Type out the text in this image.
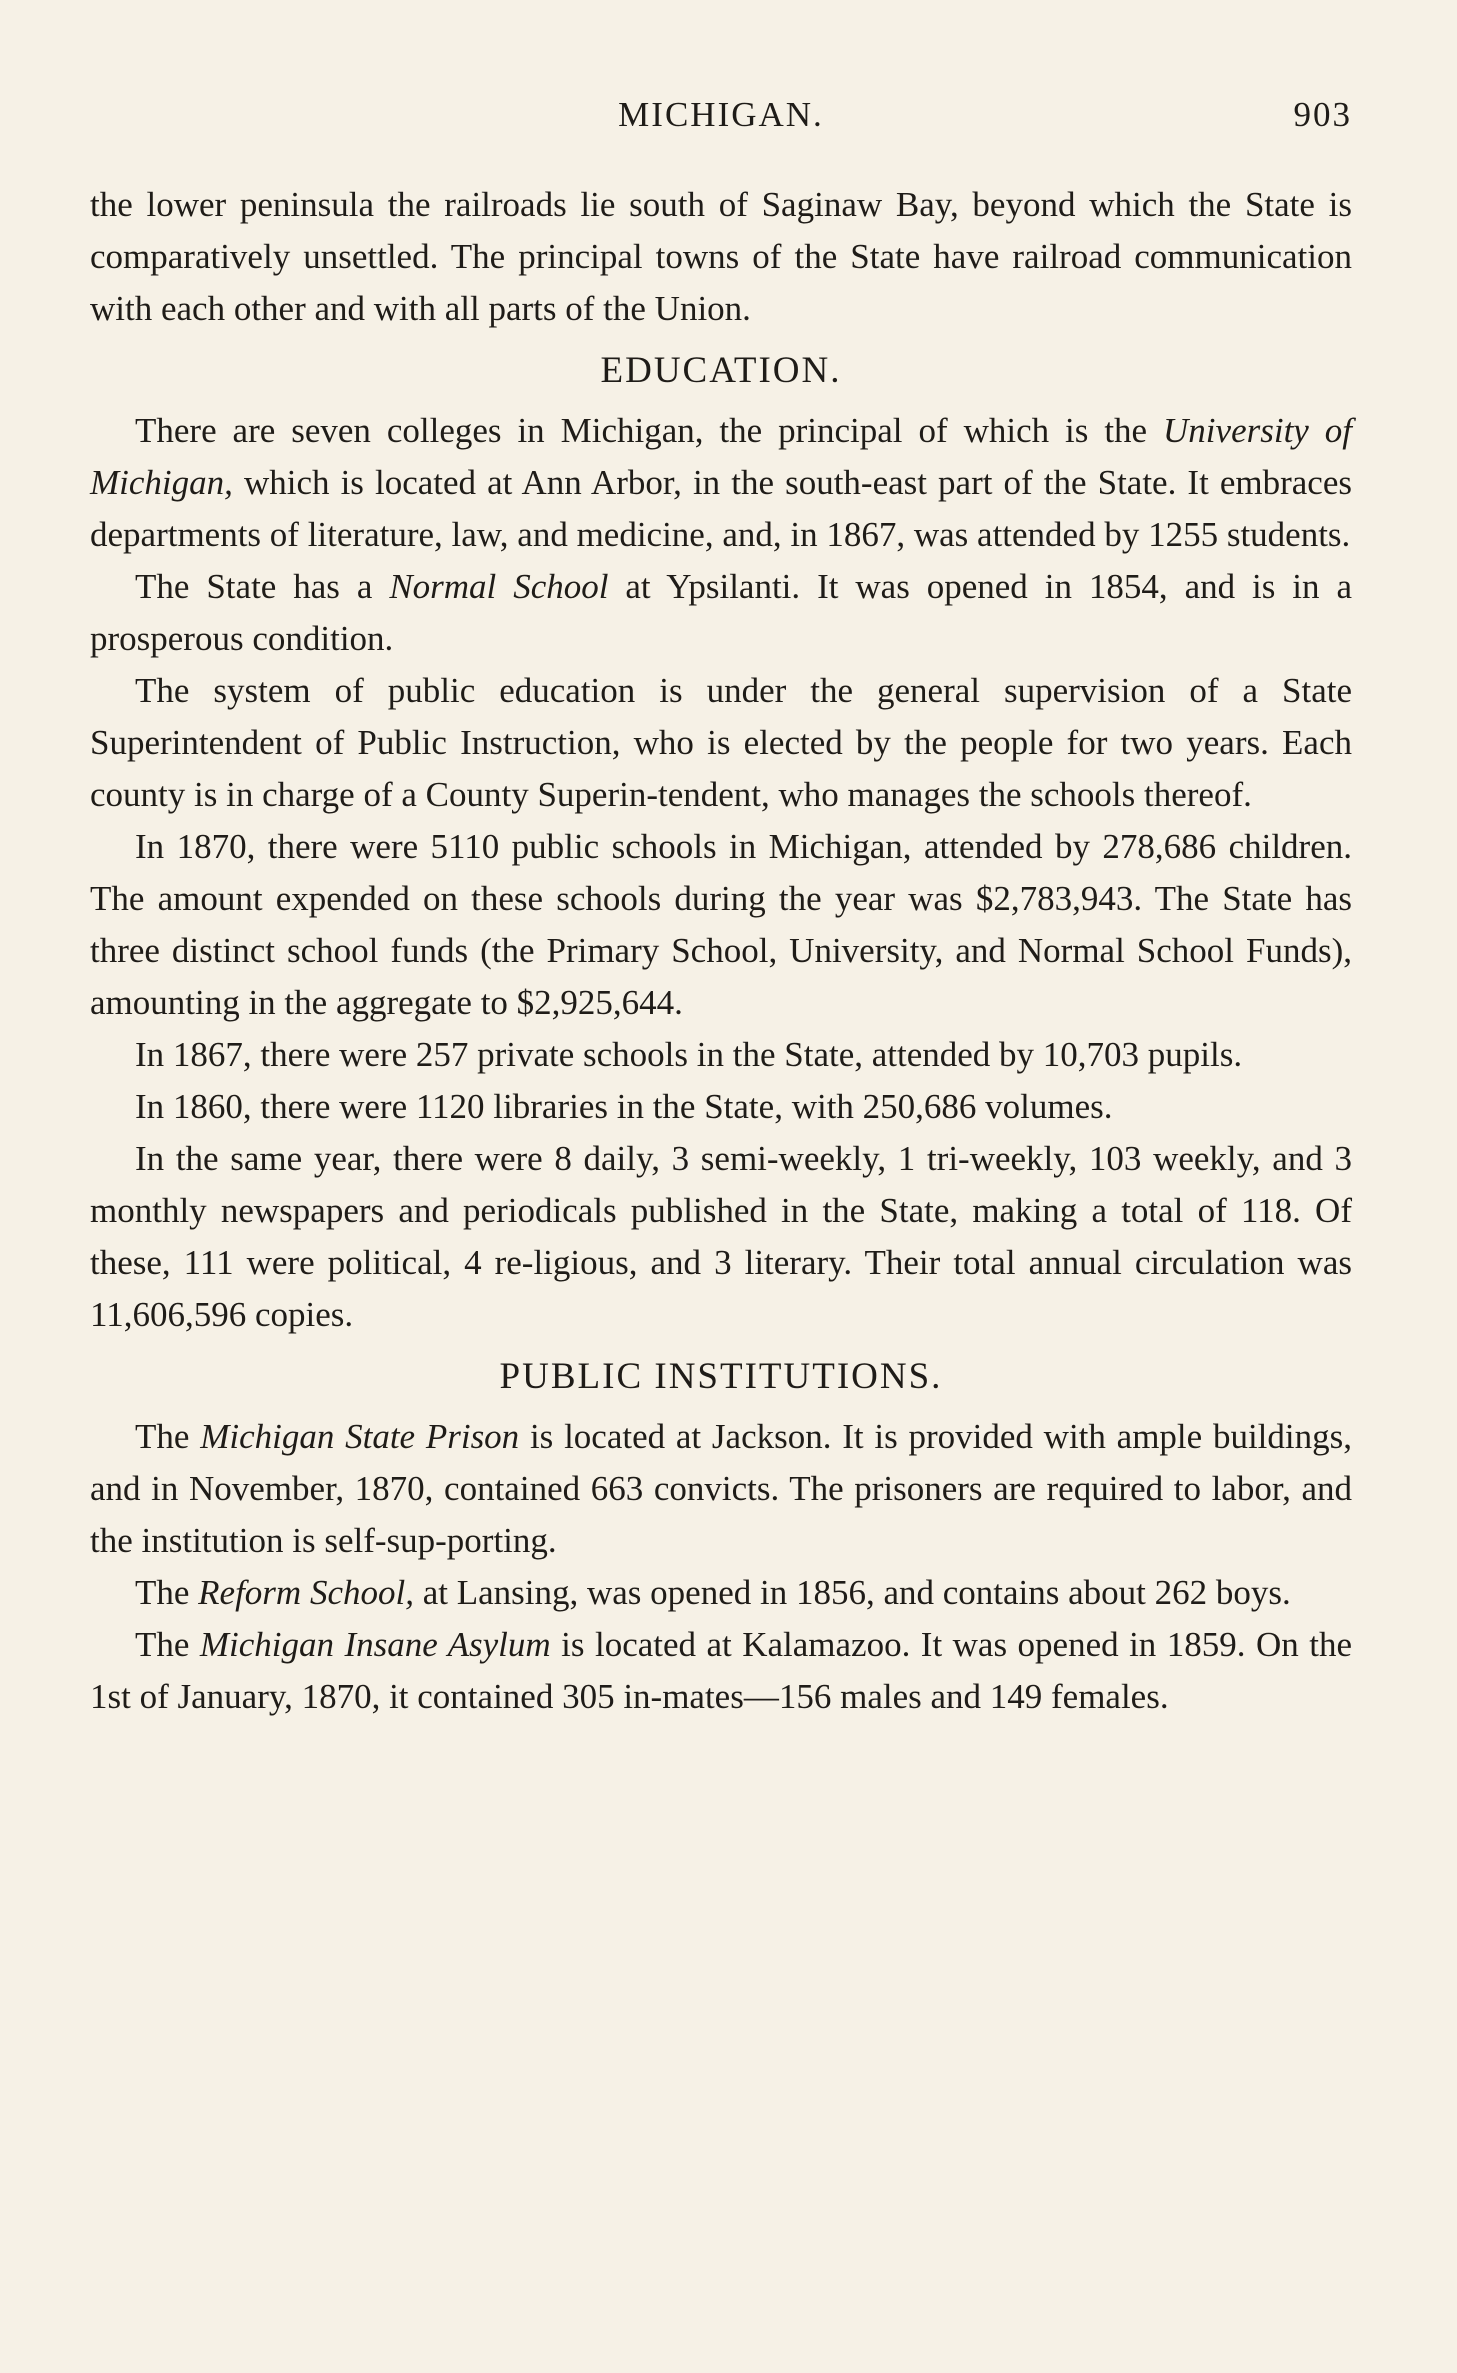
MICHIGAN.	903

the lower peninsula the railroads lie south of Saginaw Bay, beyond which the State is comparatively unsettled. The principal towns of the State have railroad communication with each other and with all parts of the Union.

EDUCATION.

There are seven colleges in Michigan, the principal of which is the University of Michigan, which is located at Ann Arbor, in the south-east part of the State. It embraces departments of literature, law, and medicine, and, in 1867, was attended by 1255 students.

The State has a Normal School at Ypsilanti. It was opened in 1854, and is in a prosperous condition.

The system of public education is under the general supervision of a State Superintendent of Public Instruction, who is elected by the people for two years. Each county is in charge of a County Superin-tendent, who manages the schools thereof.

In 1870, there were 5110 public schools in Michigan, attended by 278,686 children. The amount expended on these schools during the year was $2,783,943. The State has three distinct school funds (the Primary School, University, and Normal School Funds), amounting in the aggregate to $2,925,644.

In 1867, there were 257 private schools in the State, attended by 10,703 pupils.

In 1860, there were 1120 libraries in the State, with 250,686 volumes.

In the same year, there were 8 daily, 3 semi-weekly, 1 tri-weekly, 103 weekly, and 3 monthly newspapers and periodicals published in the State, making a total of 118. Of these, 111 were political, 4 re-ligious, and 3 literary. Their total annual circulation was 11,606,596 copies.

PUBLIC INSTITUTIONS.

The Michigan State Prison is located at Jackson. It is provided with ample buildings, and in November, 1870, contained 663 convicts. The prisoners are required to labor, and the institution is self-sup-porting.

The Reform School, at Lansing, was opened in 1856, and contains about 262 boys.

The Michigan Insane Asylum is located at Kalamazoo. It was opened in 1859. On the 1st of January, 1870, it contained 305 in-mates—156 males and 149 females.
